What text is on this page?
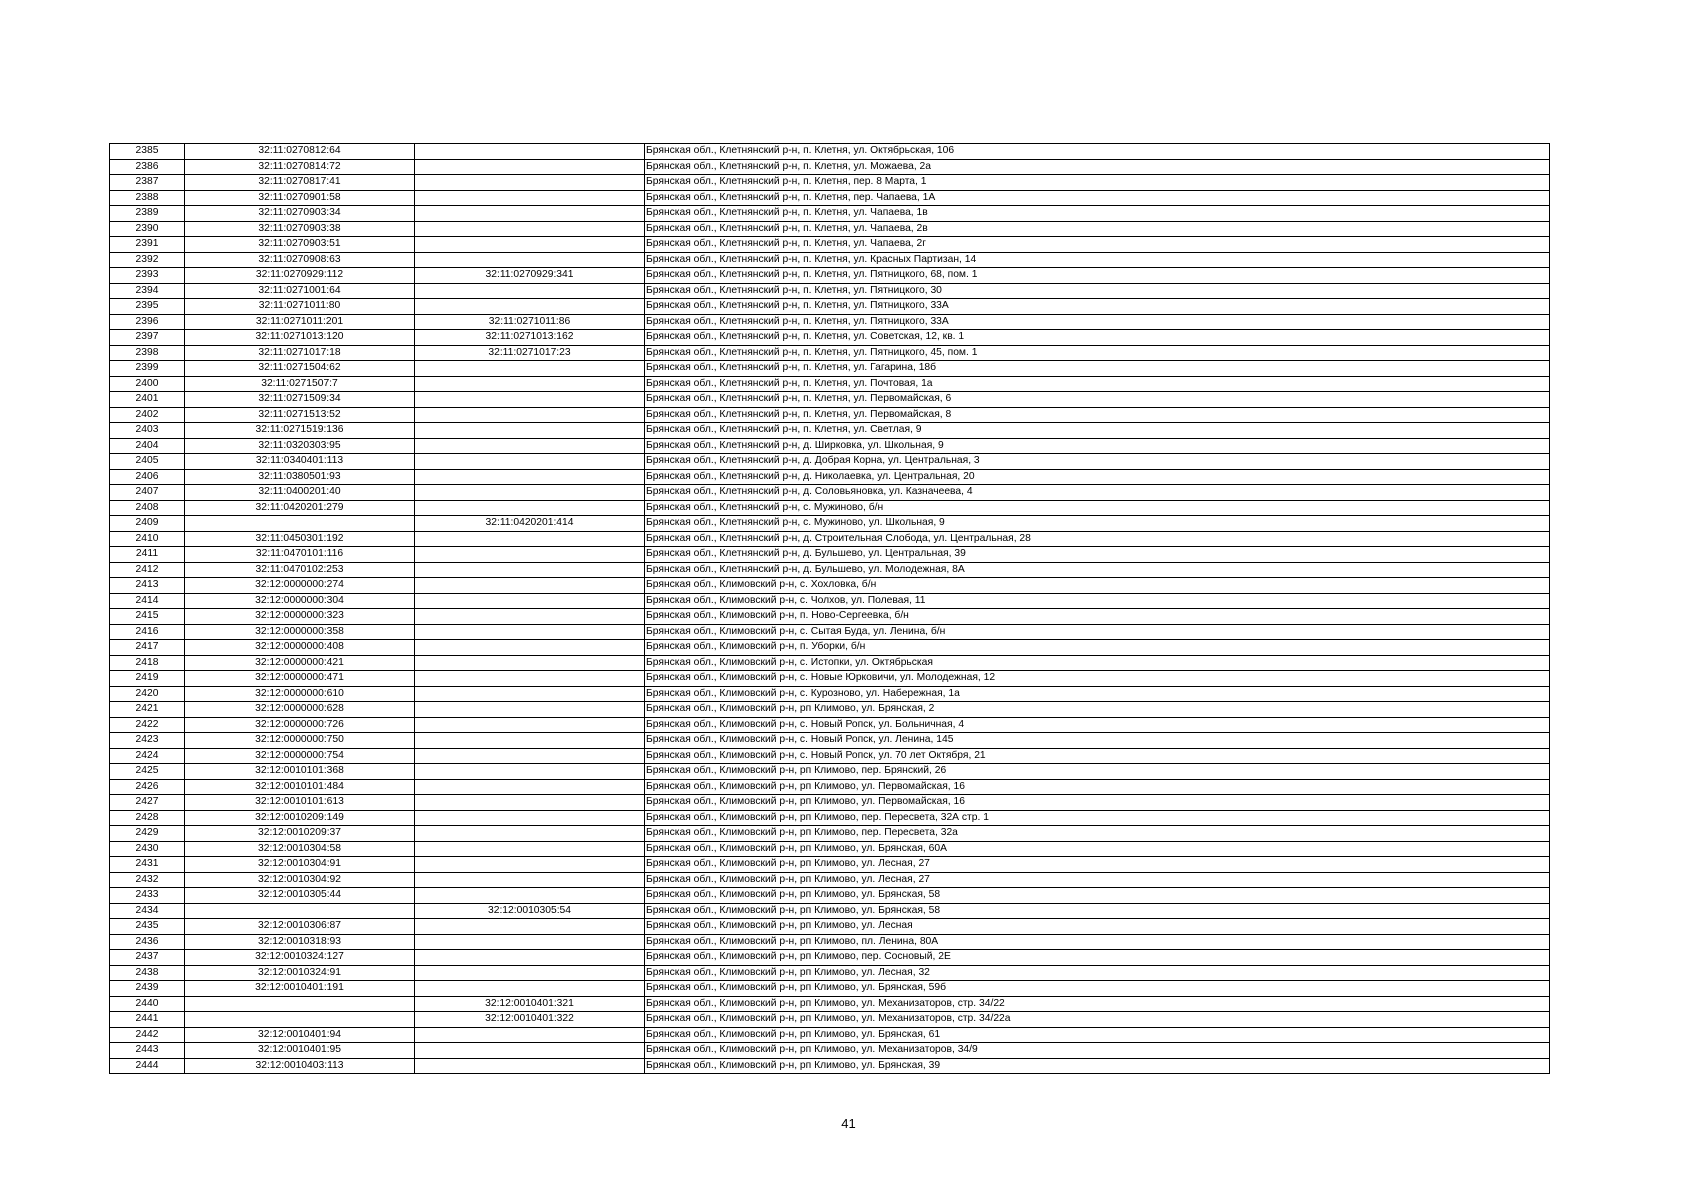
2385	32:11:0270812:64		Брянская обл., Клетнянский р-н, п. Клетня, ул. Октябрьская, 106
2386	32:11:0270814:72		Брянская обл., Клетнянский р-н, п. Клетня, ул. Можаева, 2а
2387	32:11:0270817:41		Брянская обл., Клетнянский р-н, п. Клетня, пер. 8 Марта, 1
2388	32:11:0270901:58		Брянская обл., Клетнянский р-н, п. Клетня, пер. Чапаева, 1А
2389	32:11:0270903:34		Брянская обл., Клетнянский р-н, п. Клетня, ул. Чапаева, 1в
2390	32:11:0270903:38		Брянская обл., Клетнянский р-н, п. Клетня, ул. Чапаева, 2в
2391	32:11:0270903:51		Брянская обл., Клетнянский р-н, п. Клетня, ул. Чапаева, 2г
2392	32:11:0270908:63		Брянская обл., Клетнянский р-н, п. Клетня, ул. Красных Партизан, 14
2393	32:11:0270929:112	32:11:0270929:341	Брянская обл., Клетнянский р-н, п. Клетня, ул. Пятницкого, 68, пом. 1
2394	32:11:0271001:64		Брянская обл., Клетнянский р-н, п. Клетня, ул. Пятницкого, 30
2395	32:11:0271011:80		Брянская обл., Клетнянский р-н, п. Клетня, ул. Пятницкого, 33А
2396	32:11:0271011:201	32:11:0271011:86	Брянская обл., Клетнянский р-н, п. Клетня, ул. Пятницкого, 33А
2397	32:11:0271013:120	32:11:0271013:162	Брянская обл., Клетнянский р-н, п. Клетня, ул. Советская, 12, кв. 1
2398	32:11:0271017:18	32:11:0271017:23	Брянская обл., Клетнянский р-н, п. Клетня, ул. Пятницкого, 45, пом. 1
2399	32:11:0271504:62		Брянская обл., Клетнянский р-н, п. Клетня, ул. Гагарина, 18б
2400	32:11:0271507:7		Брянская обл., Клетнянский р-н, п. Клетня, ул. Почтовая, 1а
2401	32:11:0271509:34		Брянская обл., Клетнянский р-н, п. Клетня, ул. Первомайская, 6
2402	32:11:0271513:52		Брянская обл., Клетнянский р-н, п. Клетня, ул. Первомайская, 8
2403	32:11:0271519:136		Брянская обл., Клетнянский р-н, п. Клетня, ул. Светлая, 9
2404	32:11:0320303:95		Брянская обл., Клетнянский р-н, д. Ширковка, ул. Школьная, 9
2405	32:11:0340401:113		Брянская обл., Клетнянский р-н, д. Добрая Корна, ул. Центральная, 3
2406	32:11:0380501:93		Брянская обл., Клетнянский р-н, д. Николаевка, ул. Центральная, 20
2407	32:11:0400201:40		Брянская обл., Клетнянский р-н, д. Соловьяновка, ул. Казначеева, 4
2408	32:11:0420201:279		Брянская обл., Клетнянский р-н, с. Мужиново, б/н
2409		32:11:0420201:414	Брянская обл., Клетнянский р-н, с. Мужиново, ул. Школьная, 9
2410	32:11:0450301:192		Брянская обл., Клетнянский р-н, д. Строительная Слобода, ул. Центральная, 28
2411	32:11:0470101:116		Брянская обл., Клетнянский р-н, д. Бульшево, ул. Центральная, 39
2412	32:11:0470102:253		Брянская обл., Клетнянский р-н, д. Бульшево, ул. Молодежная, 8А
2413	32:12:0000000:274		Брянская обл., Климовский р-н, с. Хохловка, б/н
2414	32:12:0000000:304		Брянская обл., Климовский р-н, с. Чолхов, ул. Полевая, 11
2415	32:12:0000000:323		Брянская обл., Климовский р-н, п. Ново-Сергеевка, б/н
2416	32:12:0000000:358		Брянская обл., Климовский р-н, с. Сытая Буда, ул. Ленина, б/н
2417	32:12:0000000:408		Брянская обл., Климовский р-н, п. Уборки, б/н
2418	32:12:0000000:421		Брянская обл., Климовский р-н, с. Истопки, ул. Октябрьская
2419	32:12:0000000:471		Брянская обл., Климовский р-н, с. Новые Юрковичи, ул. Молодежная, 12
2420	32:12:0000000:610		Брянская обл., Климовский р-н, с. Курозново, ул. Набережная, 1а
2421	32:12:0000000:628		Брянская обл., Климовский р-н, рп Климово, ул. Брянская, 2
2422	32:12:0000000:726		Брянская обл., Климовский р-н, с. Новый Ропск, ул. Больничная, 4
2423	32:12:0000000:750		Брянская обл., Климовский р-н, с. Новый Ропск, ул. Ленина, 145
2424	32:12:0000000:754		Брянская обл., Климовский р-н, с. Новый Ропск, ул. 70 лет Октября, 21
2425	32:12:0010101:368		Брянская обл., Климовский р-н, рп Климово, пер. Брянский, 26
2426	32:12:0010101:484		Брянская обл., Климовский р-н, рп Климово, ул. Первомайская, 16
2427	32:12:0010101:613		Брянская обл., Климовский р-н, рп Климово, ул. Первомайская, 16
2428	32:12:0010209:149		Брянская обл., Климовский р-н, рп Климово, пер. Пересвета, 32А стр. 1
2429	32:12:0010209:37		Брянская обл., Климовский р-н, рп Климово, пер. Пересвета, 32а
2430	32:12:0010304:58		Брянская обл., Климовский р-н, рп Климово, ул. Брянская, 60А
2431	32:12:0010304:91		Брянская обл., Климовский р-н, рп Климово, ул. Лесная, 27
2432	32:12:0010304:92		Брянская обл., Климовский р-н, рп Климово, ул. Лесная, 27
2433	32:12:0010305:44		Брянская обл., Климовский р-н, рп Климово, ул. Брянская, 58
2434		32:12:0010305:54	Брянская обл., Климовский р-н, рп Климово, ул. Брянская, 58
2435	32:12:0010306:87		Брянская обл., Климовский р-н, рп Климово, ул. Лесная
2436	32:12:0010318:93		Брянская обл., Климовский р-н, рп Климово, пл. Ленина, 80А
2437	32:12:0010324:127		Брянская обл., Климовский р-н, рп Климово, пер. Сосновый, 2Е
2438	32:12:0010324:91		Брянская обл., Климовский р-н, рп Климово, ул. Лесная, 32
2439	32:12:0010401:191		Брянская обл., Климовский р-н, рп Климово, ул. Брянская, 59б
2440		32:12:0010401:321	Брянская обл., Климовский р-н, рп Климово, ул. Механизаторов, стр. 34/22
2441		32:12:0010401:322	Брянская обл., Климовский р-н, рп Климово, ул. Механизаторов, стр. 34/22а
2442	32:12:0010401:94		Брянская обл., Климовский р-н, рп Климово, ул. Брянская, 61
2443	32:12:0010401:95		Брянская обл., Климовский р-н, рп Климово, ул. Механизаторов, 34/9
2444	32:12:0010403:113		Брянская обл., Климовский р-н, рп Климово, ул. Брянская, 39
41
